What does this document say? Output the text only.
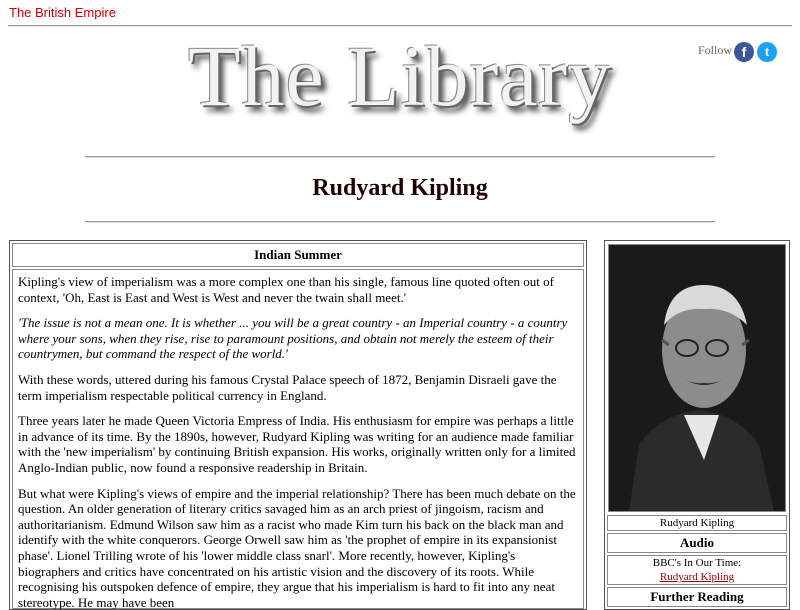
The British Empire
The Library	Follow f	t
Rudyard Kipling
Indian Summer

Kipling's view of imperialism was a more complex one than his single, famous line quoted often out of context, 'Oh, East is East and West is West and never the twain shall meet.'

'The issue is not a mean one. It is whether ... you will be a great country - an Imperial country - a country where your sons, when they rise, rise to paramount positions, and obtain not merely the esteem of their countrymen, but command the respect of the world.'

With these words, uttered during his famous Crystal Palace speech of 1872, Benjamin Disraeli gave the term imperialism respectable political currency in England.

Three years later he made Queen Victoria Empress of India. His enthusiasm for empire was perhaps a little in advance of its time. By the 1890s, however, Rudyard Kipling was writing for an audience made familiar with the 'new imperialism' by continuing British expansion. His works, originally written only for a limited Anglo-Indian public, now found a responsive readership in Britain.

But what were Kipling's views of empire and the imperial relationship? There has been much debate on the question. An older generation of literary critics savaged him as an arch priest of jingoism, racism and authoritarianism. Edmund Wilson saw him as a racist who made Kim turn his back on the black man and identify with the white conquerors. George Orwell saw him as 'the prophet of empire in its expansionist phase'. Lionel Trilling wrote of his 'lower middle class snarl'. More recently, however, Kipling's biographers and critics have concentrated on his artistic vision and the discovery of its roots. While recognising his outspoken defence of empire, they argue that his imperialism is hard to fit into any neat stereotype. He may have been

Rudyard Kipling
Audio
BBC's In Our Time:
Rudyard Kipling
Further Reading
